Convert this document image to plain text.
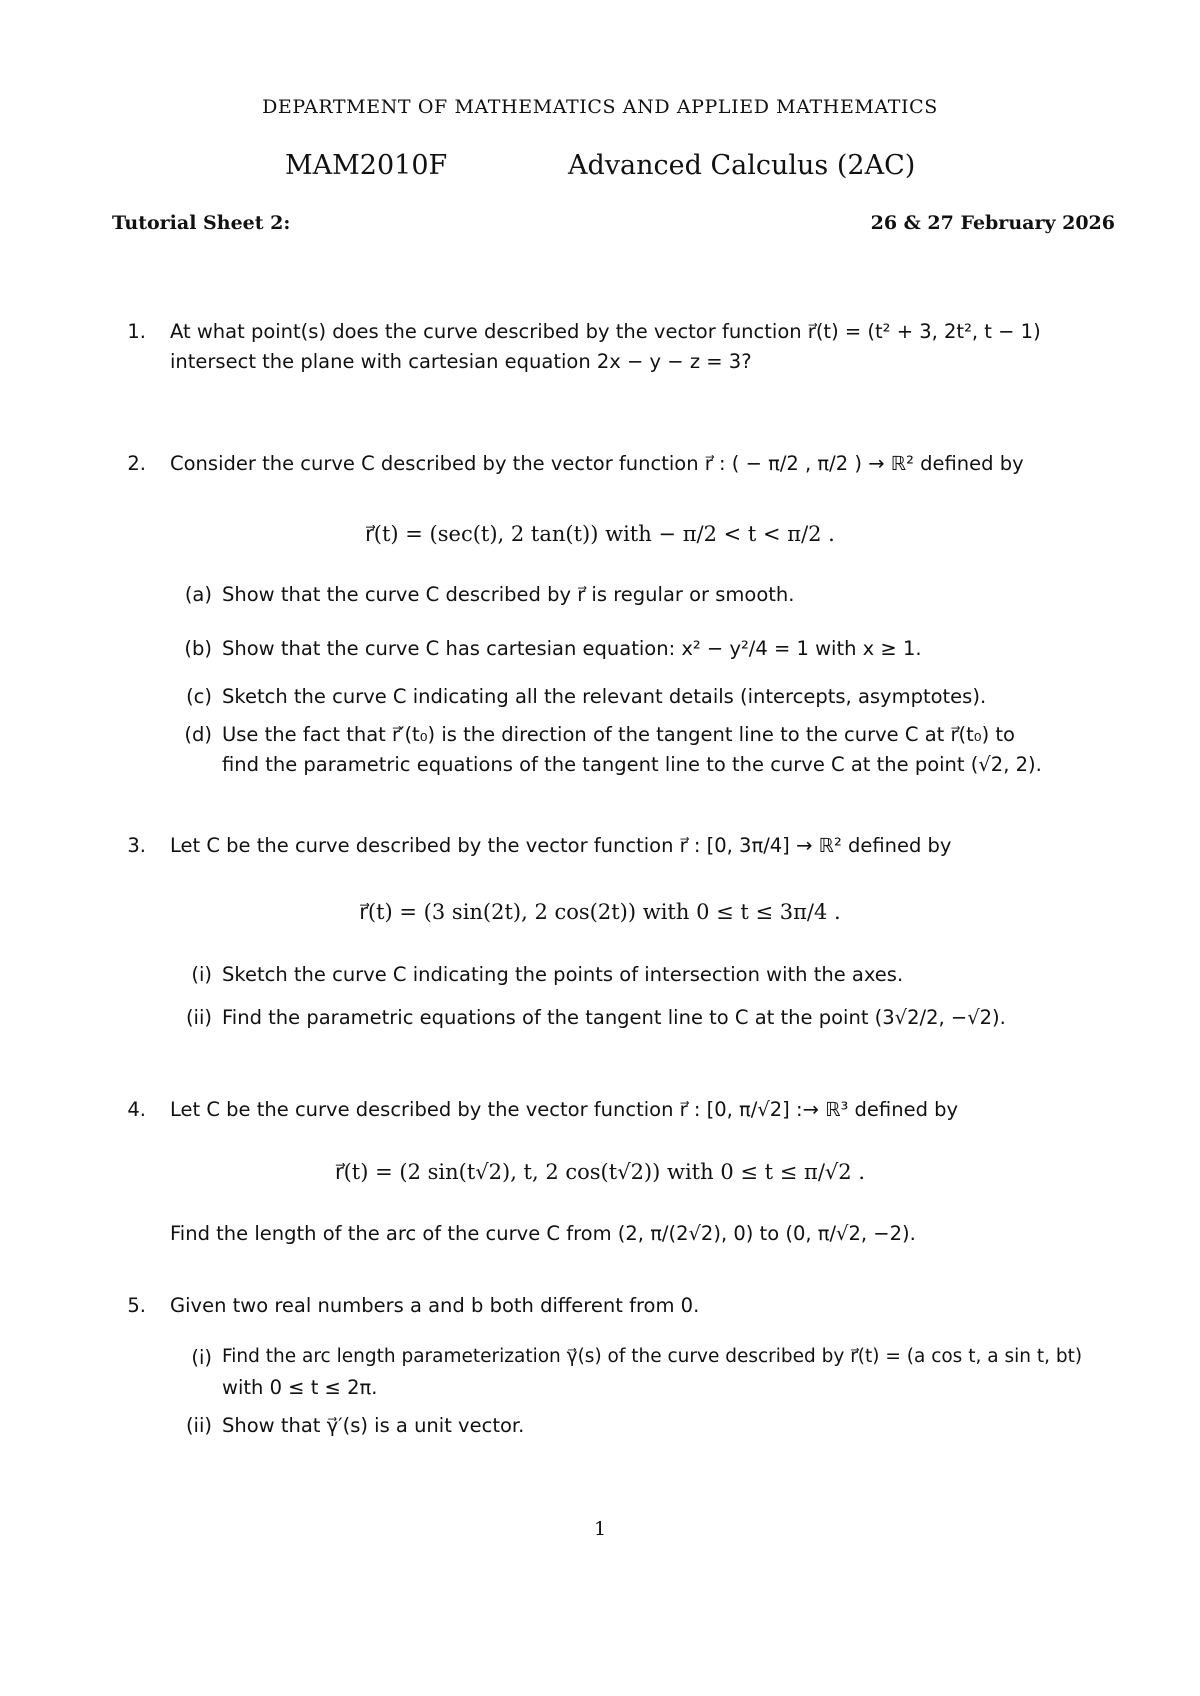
DEPARTMENT OF MATHEMATICS AND APPLIED MATHEMATICS
MAM2010F	Advanced Calculus (2AC)
Tutorial Sheet 2:	26 & 27 February 2026
1. At what point(s) does the curve described by the vector function r⃗(t) = (t² + 3, 2t², t − 1)
intersect the plane with cartesian equation 2x − y − z = 3?
2. Consider the curve C described by the vector function r⃗ : ( − π/2 , π/2 ) → ℝ² defined by
r⃗(t) = (sec(t), 2 tan(t)) with − π/2 < t < π/2 .
(a) Show that the curve C described by r⃗ is regular or smooth.
(b) Show that the curve C has cartesian equation: x² − y²/4 = 1 with x ≥ 1.
(c) Sketch the curve C indicating all the relevant details (intercepts, asymptotes).
(d) Use the fact that r⃗′(t₀) is the direction of the tangent line to the curve C at r⃗(t₀) to
find the parametric equations of the tangent line to the curve C at the point (√2, 2).
3. Let C be the curve described by the vector function r⃗ : [0, 3π/4] → ℝ² defined by
r⃗(t) = (3 sin(2t), 2 cos(2t)) with 0 ≤ t ≤ 3π/4 .
(i) Sketch the curve C indicating the points of intersection with the axes.
(ii) Find the parametric equations of the tangent line to C at the point (3√2/2, −√2).
4. Let C be the curve described by the vector function r⃗ : [0, π/√2] :→ ℝ³ defined by
r⃗(t) = (2 sin(t√2), t, 2 cos(t√2)) with 0 ≤ t ≤ π/√2 .
Find the length of the arc of the curve C from (2, π/(2√2), 0) to (0, π/√2, −2).
5. Given two real numbers a and b both different from 0.
(i) Find the arc length parameterization γ⃗(s) of the curve described by r⃗(t) = (a cos t, a sin t, bt)
with 0 ≤ t ≤ 2π.
(ii) Show that γ⃗′(s) is a unit vector.
1
